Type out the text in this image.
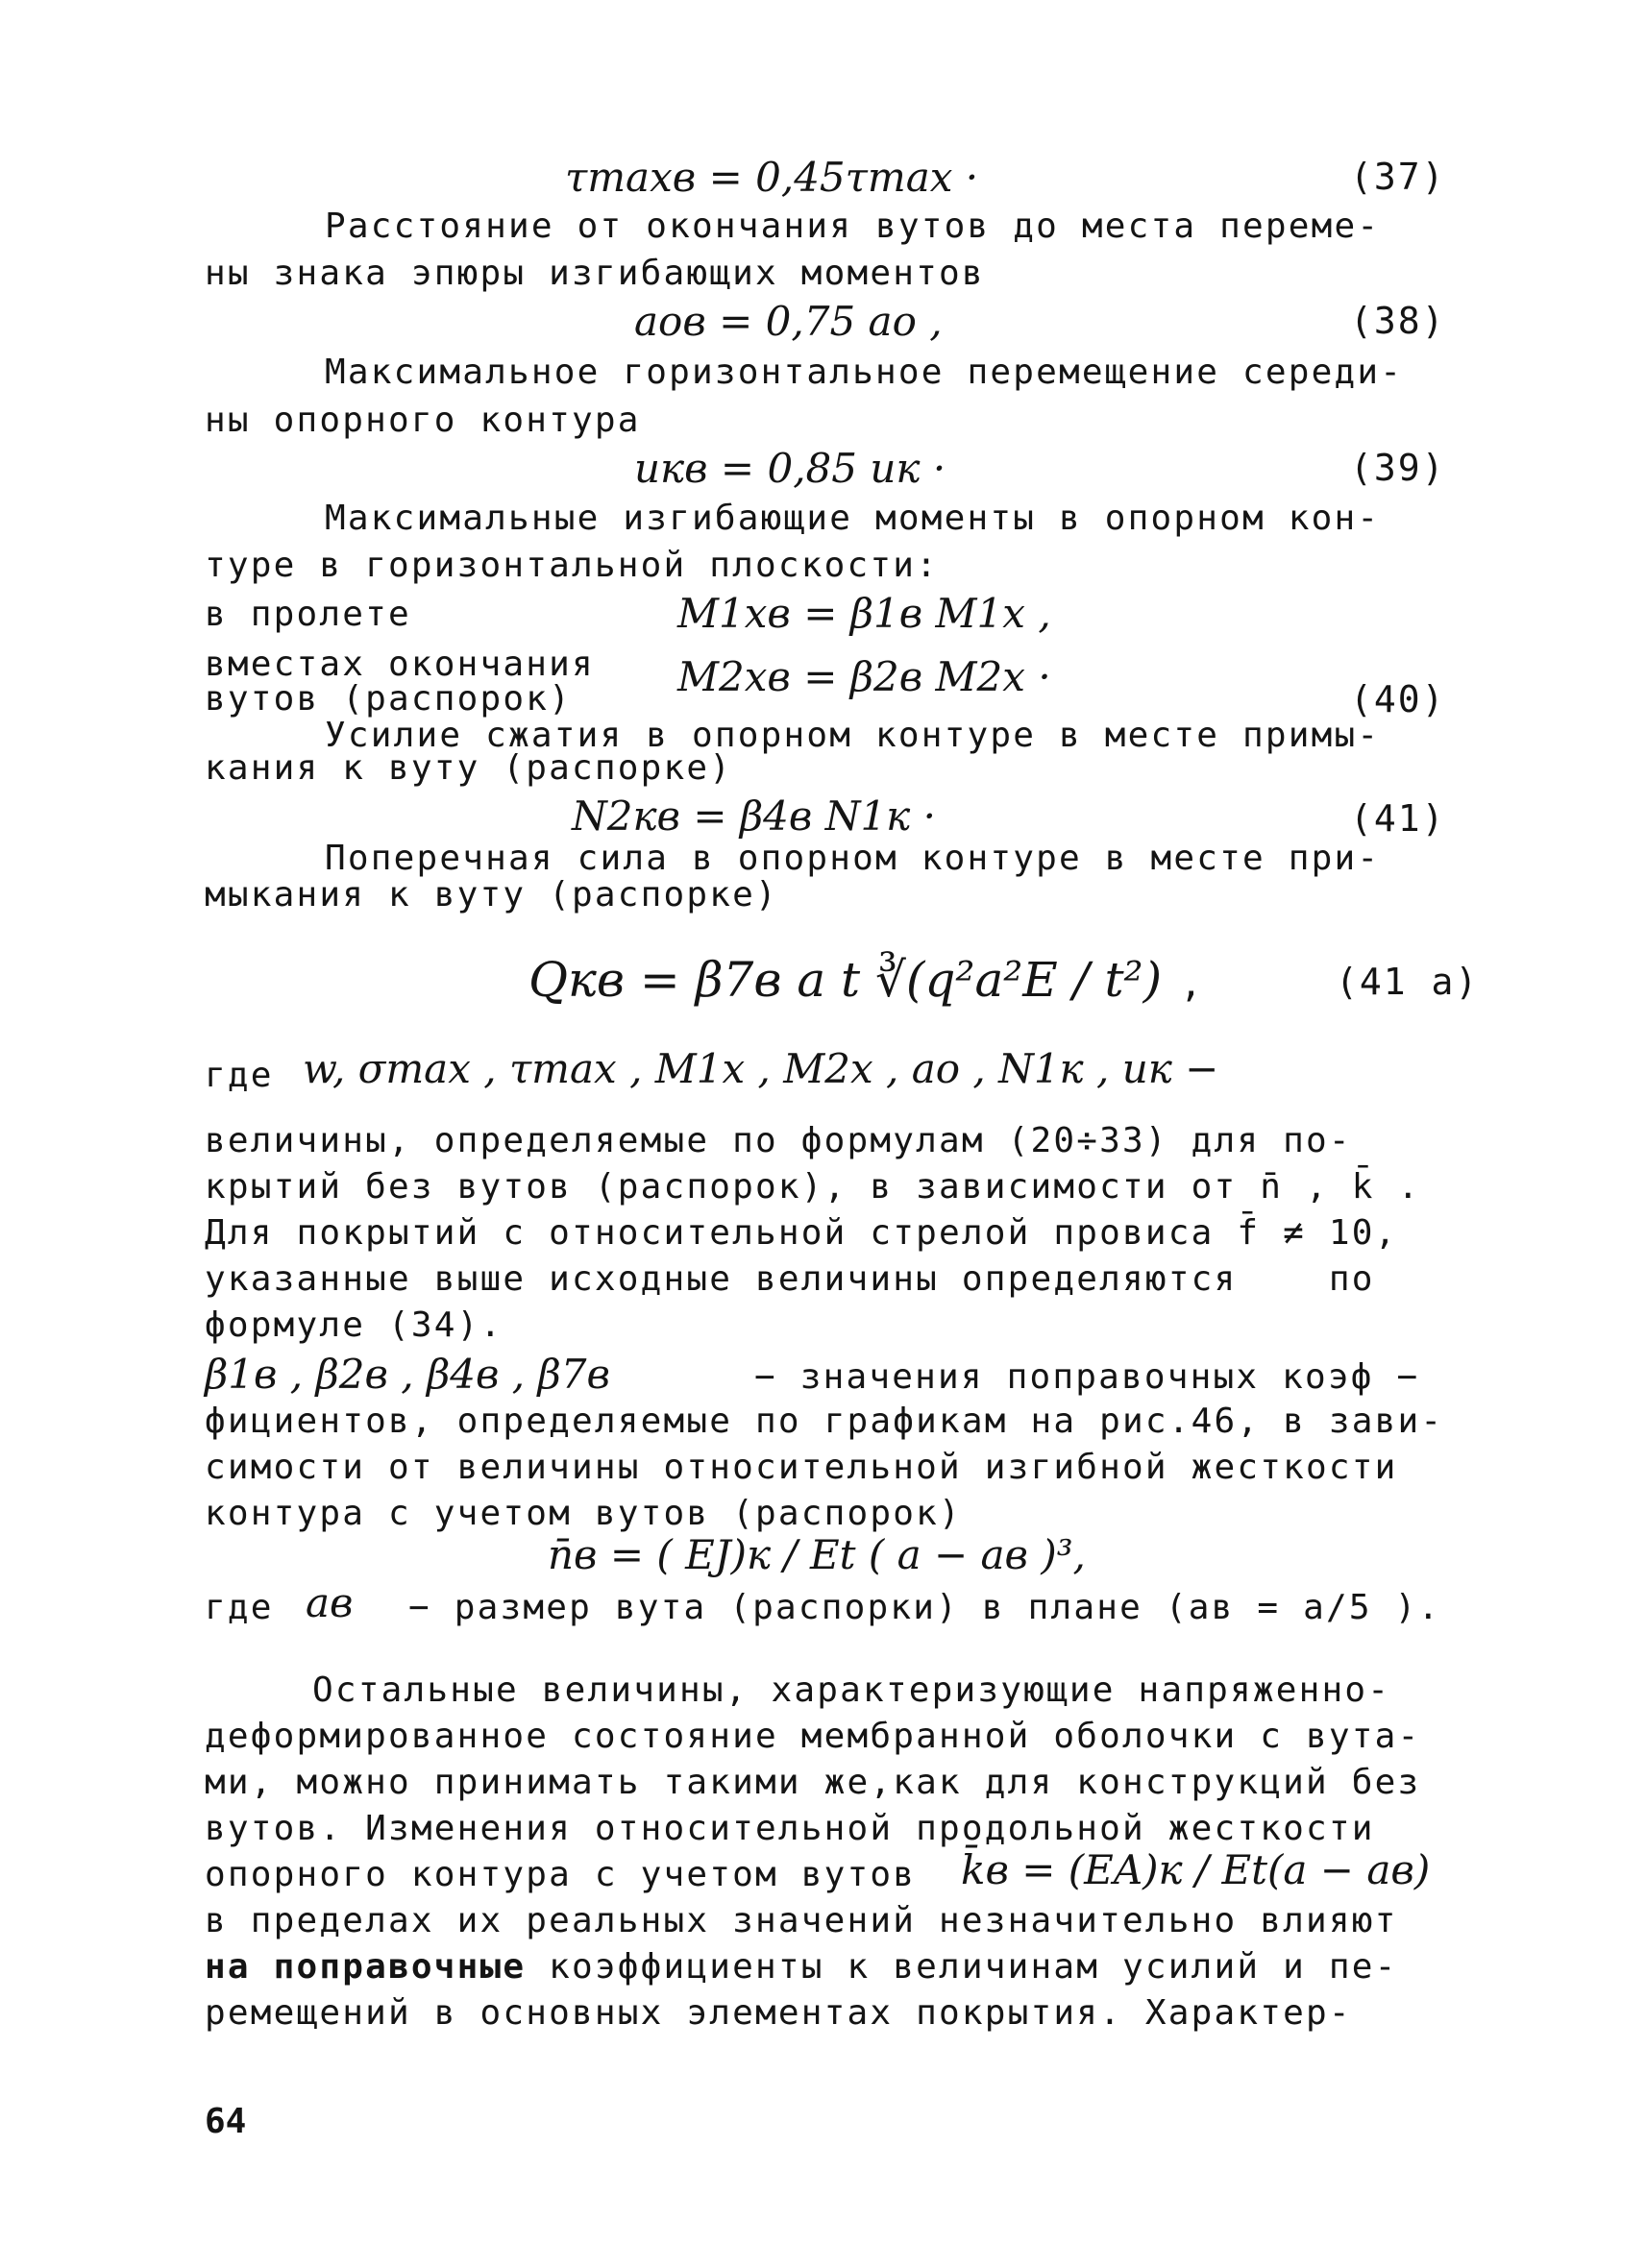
τmaxв = 0,45τmax ·	(37)
Расстояние от окончания вутов до места переме-
ны знака эпюры изгибающих моментов
aoв = 0,75 ao ,	(38)
Максимальное горизонтальное перемещение середи-
ны опорного контура
uкв = 0,85 uк ·	(39)
Максимальные изгибающие моменты в опорном кон-
туре в горизонтальной плоскости:
в пролете
вместах окончания
вутов (распорок)
M1xв = β1в M1x ,
M2xв = β2в M2x ·	(40)
Усилие сжатия в опорном контуре в месте примы-
кания к вуту (распорке)
N2кв = β4в N1к ·	(41)
Поперечная сила в опорном контуре в месте при-
мыкания к вуту (распорке)
Qкв = β7в a t ∛(q²a²E / t²) ,	(41 a)
где w, σmax , τmax , M1x , M2x , ao , N1к , uк −
величины, определяемые по формулам (20÷33) для по-
крытий без вутов (распорок), в зависимости от n̄ , k̄ .
Для покрытий с относительной стрелой провиса f̄ ≠ 10,
указанные выше исходные величины определяются    по
формуле (34).
β1в , β2в , β4в , β7в	− значения поправочных коэф −
фициентов, определяемые по графикам на рис.46, в зави-
симости от величины относительной изгибной жесткости
контура с учетом вутов (распорок)
n̄в = ( EJ)к / Et ( a − aв )³,
где aв − размер вута (распорки) в плане (aв = a/5 ).
Остальные величины, характеризующие напряженно-
деформированное состояние мембранной оболочки с вута-
ми, можно принимать такими же,как для конструкций без
вутов. Изменения относительной продольной жесткости
опорного контура с учетом вутов k̄в = (EA)к / Et(a − aв)
в пределах их реальных значений незначительно влияют
на поправочные коэффициенты к величинам усилий и пе-
ремещений в основных элементах покрытия. Характер-
64
